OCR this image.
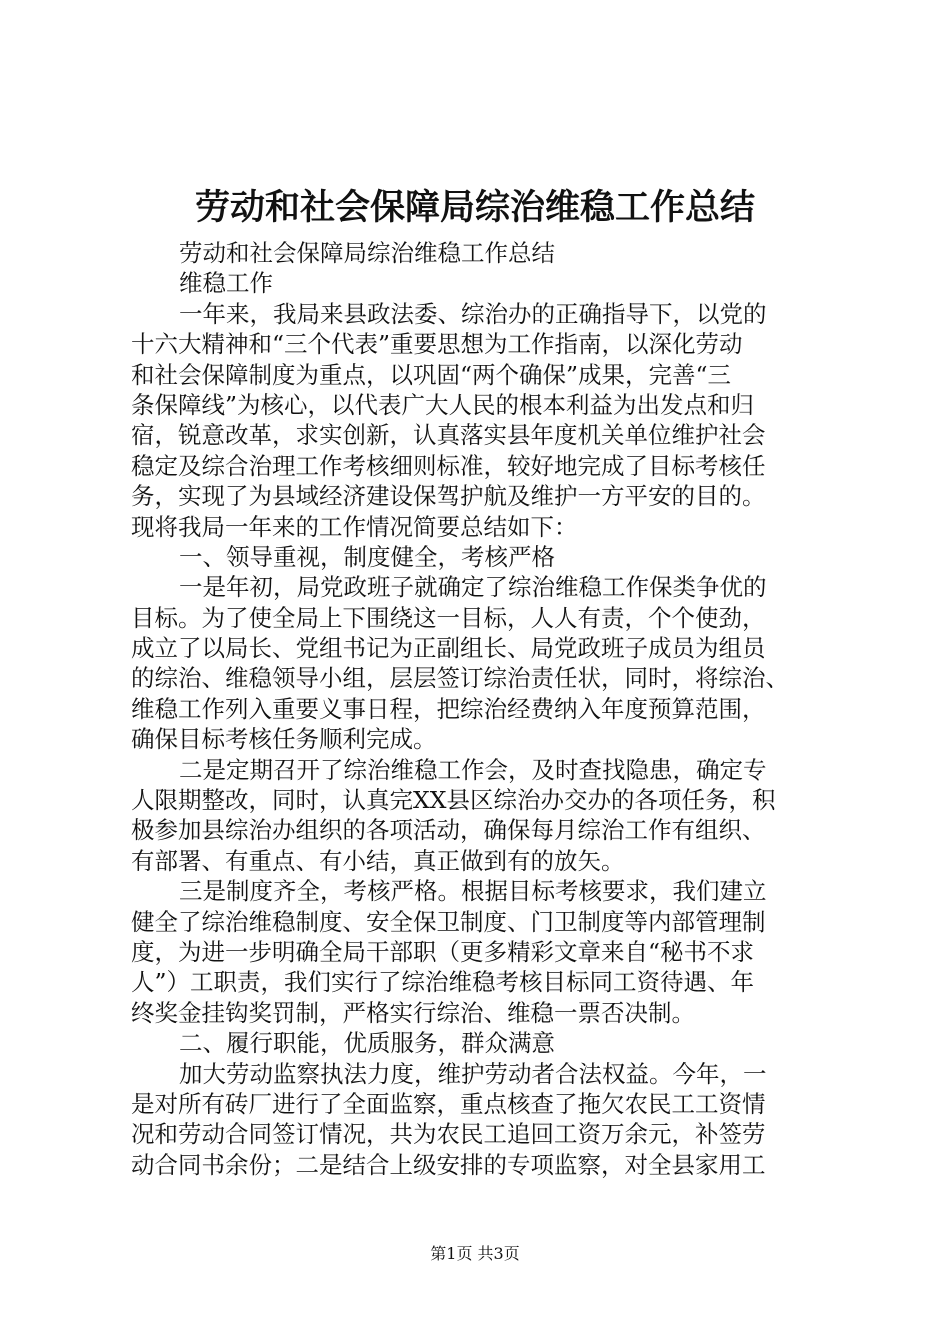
劳动和社会保障局综治维稳工作总结
劳动和社会保障局综治维稳工作总结
维稳工作
一年来，我局来县政法委、综治办的正确指导下，以党的
十六大精神和“三个代表”重要思想为工作指南，以深化劳动
和社会保障制度为重点，以巩固“两个确保”成果，完善“三
条保障线”为核心，以代表广大人民的根本利益为出发点和归
宿，锐意改革，求实创新，认真落实县年度机关单位维护社会
稳定及综合治理工作考核细则标准，较好地完成了目标考核任
务，实现了为县域经济建设保驾护航及维护一方平安的目的。
现将我局一年来的工作情况简要总结如下：
一、领导重视，制度健全，考核严格
一是年初，局党政班子就确定了综治维稳工作保类争优的
目标。为了使全局上下围绕这一目标，人人有责，个个使劲，
成立了以局长、党组书记为正副组长、局党政班子成员为组员
的综治、维稳领导小组，层层签订综治责任状，同时，将综治、
维稳工作列入重要义事日程，把综治经费纳入年度预算范围，
确保目标考核任务顺利完成。
二是定期召开了综治维稳工作会，及时查找隐患，确定专
人限期整改，同时，认真完XX县区综治办交办的各项任务，积
极参加县综治办组织的各项活动，确保每月综治工作有组织、
有部署、有重点、有小结，真正做到有的放矢。
三是制度齐全，考核严格。根据目标考核要求，我们建立
健全了综治维稳制度、安全保卫制度、门卫制度等内部管理制
度，为进一步明确全局干部职（更多精彩文章来自“秘书不求
人”）工职责，我们实行了综治维稳考核目标同工资待遇、年
终奖金挂钩奖罚制，严格实行综治、维稳一票否决制。
二、履行职能，优质服务，群众满意
加大劳动监察执法力度，维护劳动者合法权益。今年，一
是对所有砖厂进行了全面监察，重点核查了拖欠农民工工资情
况和劳动合同签订情况，共为农民工追回工资万余元，补签劳
动合同书余份；二是结合上级安排的专项监察，对全县家用工
第1页 共3页
